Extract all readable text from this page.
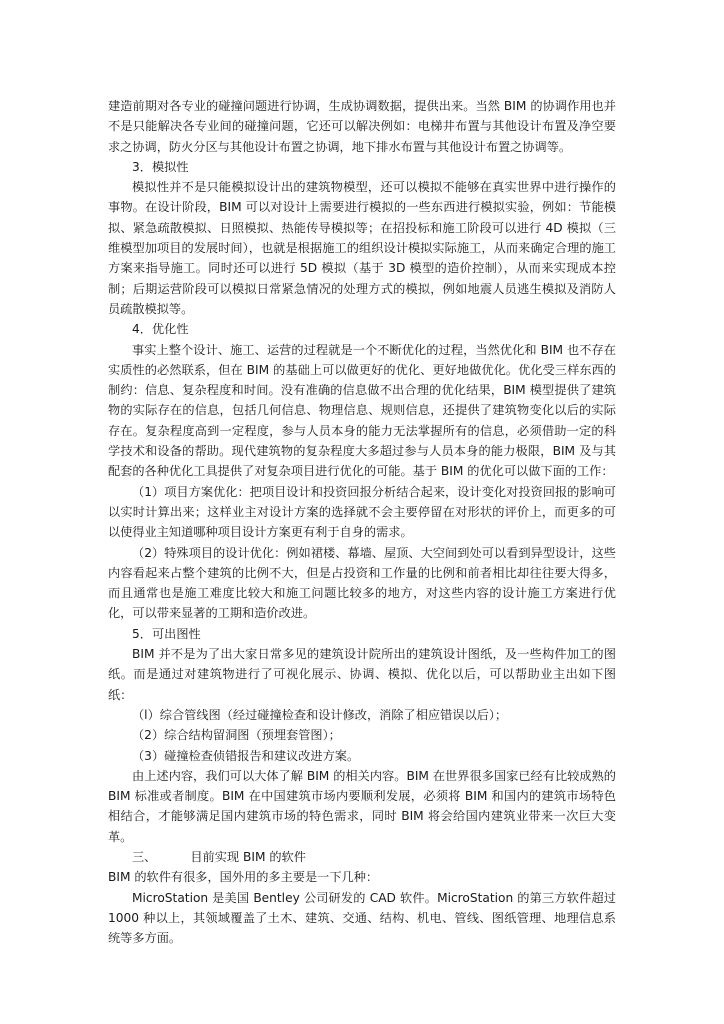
建造前期对各专业的碰撞问题进行协调，生成协调数据，提供出来。当然 BIM 的协调作用也并不是只能解决各专业间的碰撞问题，它还可以解决例如：电梯井布置与其他设计布置及净空要求之协调，防火分区与其他设计布置之协调，地下排水布置与其他设计布置之协调等。

3．模拟性

模拟性并不是只能模拟设计出的建筑物模型，还可以模拟不能够在真实世界中进行操作的事物。在设计阶段，BIM 可以对设计上需要进行模拟的一些东西进行模拟实验，例如：节能模拟、紧急疏散模拟、日照模拟、热能传导模拟等；在招投标和施工阶段可以进行 4D 模拟（三维模型加项目的发展时间），也就是根据施工的组织设计模拟实际施工，从而来确定合理的施工方案来指导施工。同时还可以进行 5D 模拟（基于 3D 模型的造价控制），从而来实现成本控制；后期运营阶段可以模拟日常紧急情况的处理方式的模拟，例如地震人员逃生模拟及消防人员疏散模拟等。

4．优化性

事实上整个设计、施工、运营的过程就是一个不断优化的过程，当然优化和 BIM 也不存在实质性的必然联系，但在 BIM 的基础上可以做更好的优化、更好地做优化。优化受三样东西的制约：信息、复杂程度和时间。没有准确的信息做不出合理的优化结果，BIM 模型提供了建筑物的实际存在的信息，包括几何信息、物理信息、规则信息，还提供了建筑物变化以后的实际存在。复杂程度高到一定程度，参与人员本身的能力无法掌握所有的信息，必须借助一定的科学技术和设备的帮助。现代建筑物的复杂程度大多超过参与人员本身的能力极限，BIM 及与其配套的各种优化工具提供了对复杂项目进行优化的可能。基于 BIM 的优化可以做下面的工作：

（1）项目方案优化：把项目设计和投资回报分析结合起来，设计变化对投资回报的影响可以实时计算出来；这样业主对设计方案的选择就不会主要停留在对形状的评价上，而更多的可以使得业主知道哪种项目设计方案更有利于自身的需求。

（2）特殊项目的设计优化：例如裙楼、幕墙、屋顶、大空间到处可以看到异型设计，这些内容看起来占整个建筑的比例不大，但是占投资和工作量的比例和前者相比却往往要大得多，而且通常也是施工难度比较大和施工问题比较多的地方，对这些内容的设计施工方案进行优化，可以带来显著的工期和造价改进。

5．可出图性

BIM 并不是为了出大家日常多见的建筑设计院所出的建筑设计图纸，及一些构件加工的图纸。而是通过对建筑物进行了可视化展示、协调、模拟、优化以后，可以帮助业主出如下图纸：

（l）综合管线图（经过碰撞检查和设计修改，消除了相应错误以后）；

（2）综合结构留洞图（预埋套管图）；

（3）碰撞检查侦错报告和建议改进方案。

由上述内容，我们可以大体了解 BIM 的相关内容。BIM 在世界很多国家已经有比较成熟的 BIM 标准或者制度。BIM 在中国建筑市场内要顺利发展，必须将 BIM 和国内的建筑市场特色相结合，才能够满足国内建筑市场的特色需求，同时 BIM 将会给国内建筑业带来一次巨大变革。

三、	目前实现 BIM 的软件

BIM 的软件有很多，国外用的多主要是一下几种：

MicroStation 是美国 Bentley 公司研发的 CAD 软件。MicroStation 的第三方软件超过 1000 种以上，其领域覆盖了土木、建筑、交通、结构、机电、管线、图纸管理、地理信息系统等多方面。
